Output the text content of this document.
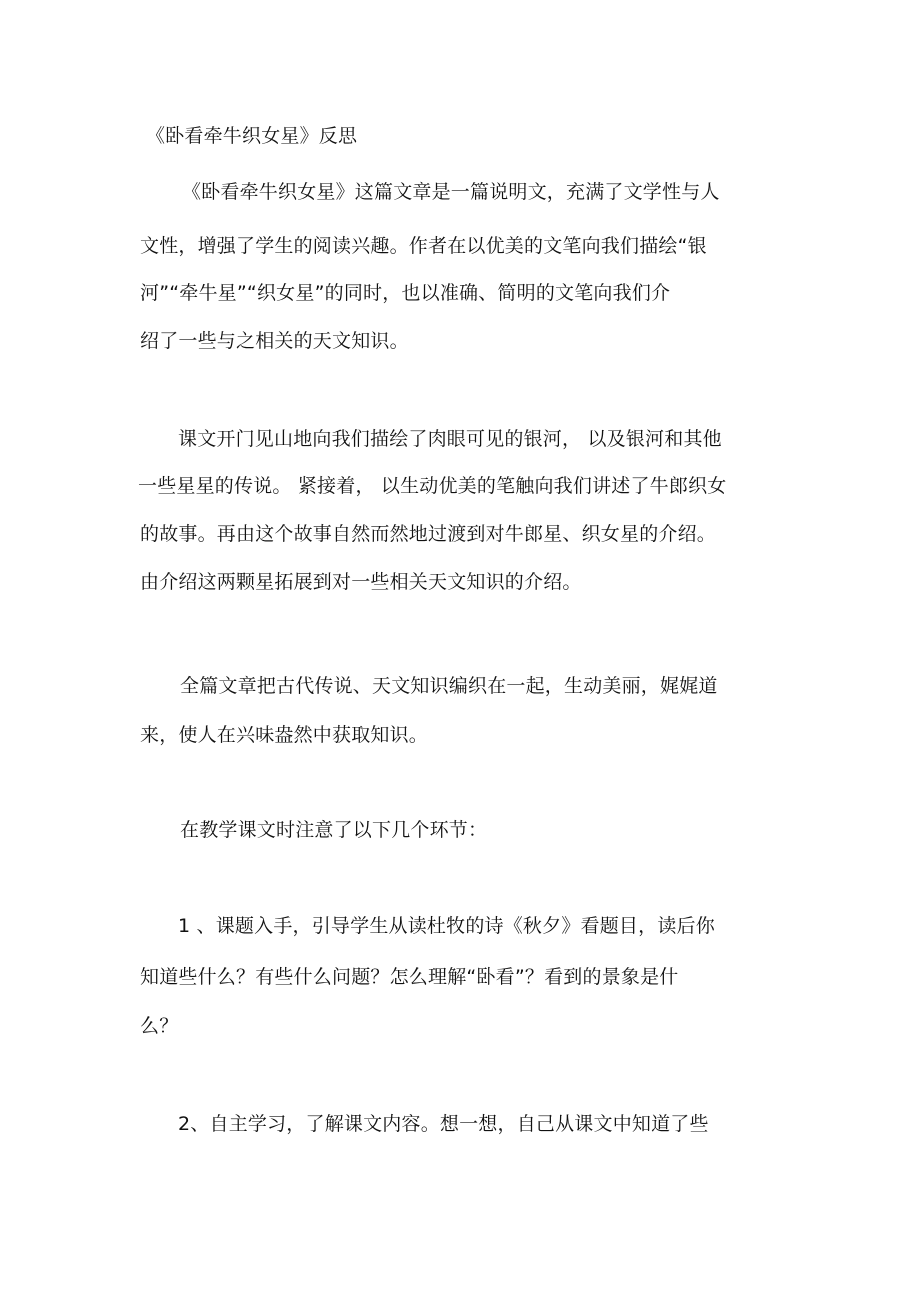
《卧看牵牛织女星》反思
《卧看牵牛织女星》这篇文章是一篇说明文，充满了文学性与人
文性，增强了学生的阅读兴趣。作者在以优美的文笔向我们描绘“银
河”“牵牛星”“织女星”的同时，也以准确、简明的文笔向我们介
绍了一些与之相关的天文知识。
课文开门见山地向我们描绘了肉眼可见的银河， 以及银河和其他
一些星星的传说。 紧接着， 以生动优美的笔触向我们讲述了牛郎织女
的故事。再由这个故事自然而然地过渡到对牛郎星、织女星的介绍。
由介绍这两颗星拓展到对一些相关天文知识的介绍。
全篇文章把古代传说、天文知识编织在一起，生动美丽，娓娓道
来，使人在兴味盎然中获取知识。
在教学课文时注意了以下几个环节：
1 、课题入手，引导学生从读杜牧的诗《秋夕》看题目，读后你
知道些什么？有些什么问题？怎么理解“卧看”？看到的景象是什
么？
2、自主学习，了解课文内容。想一想，自己从课文中知道了些
